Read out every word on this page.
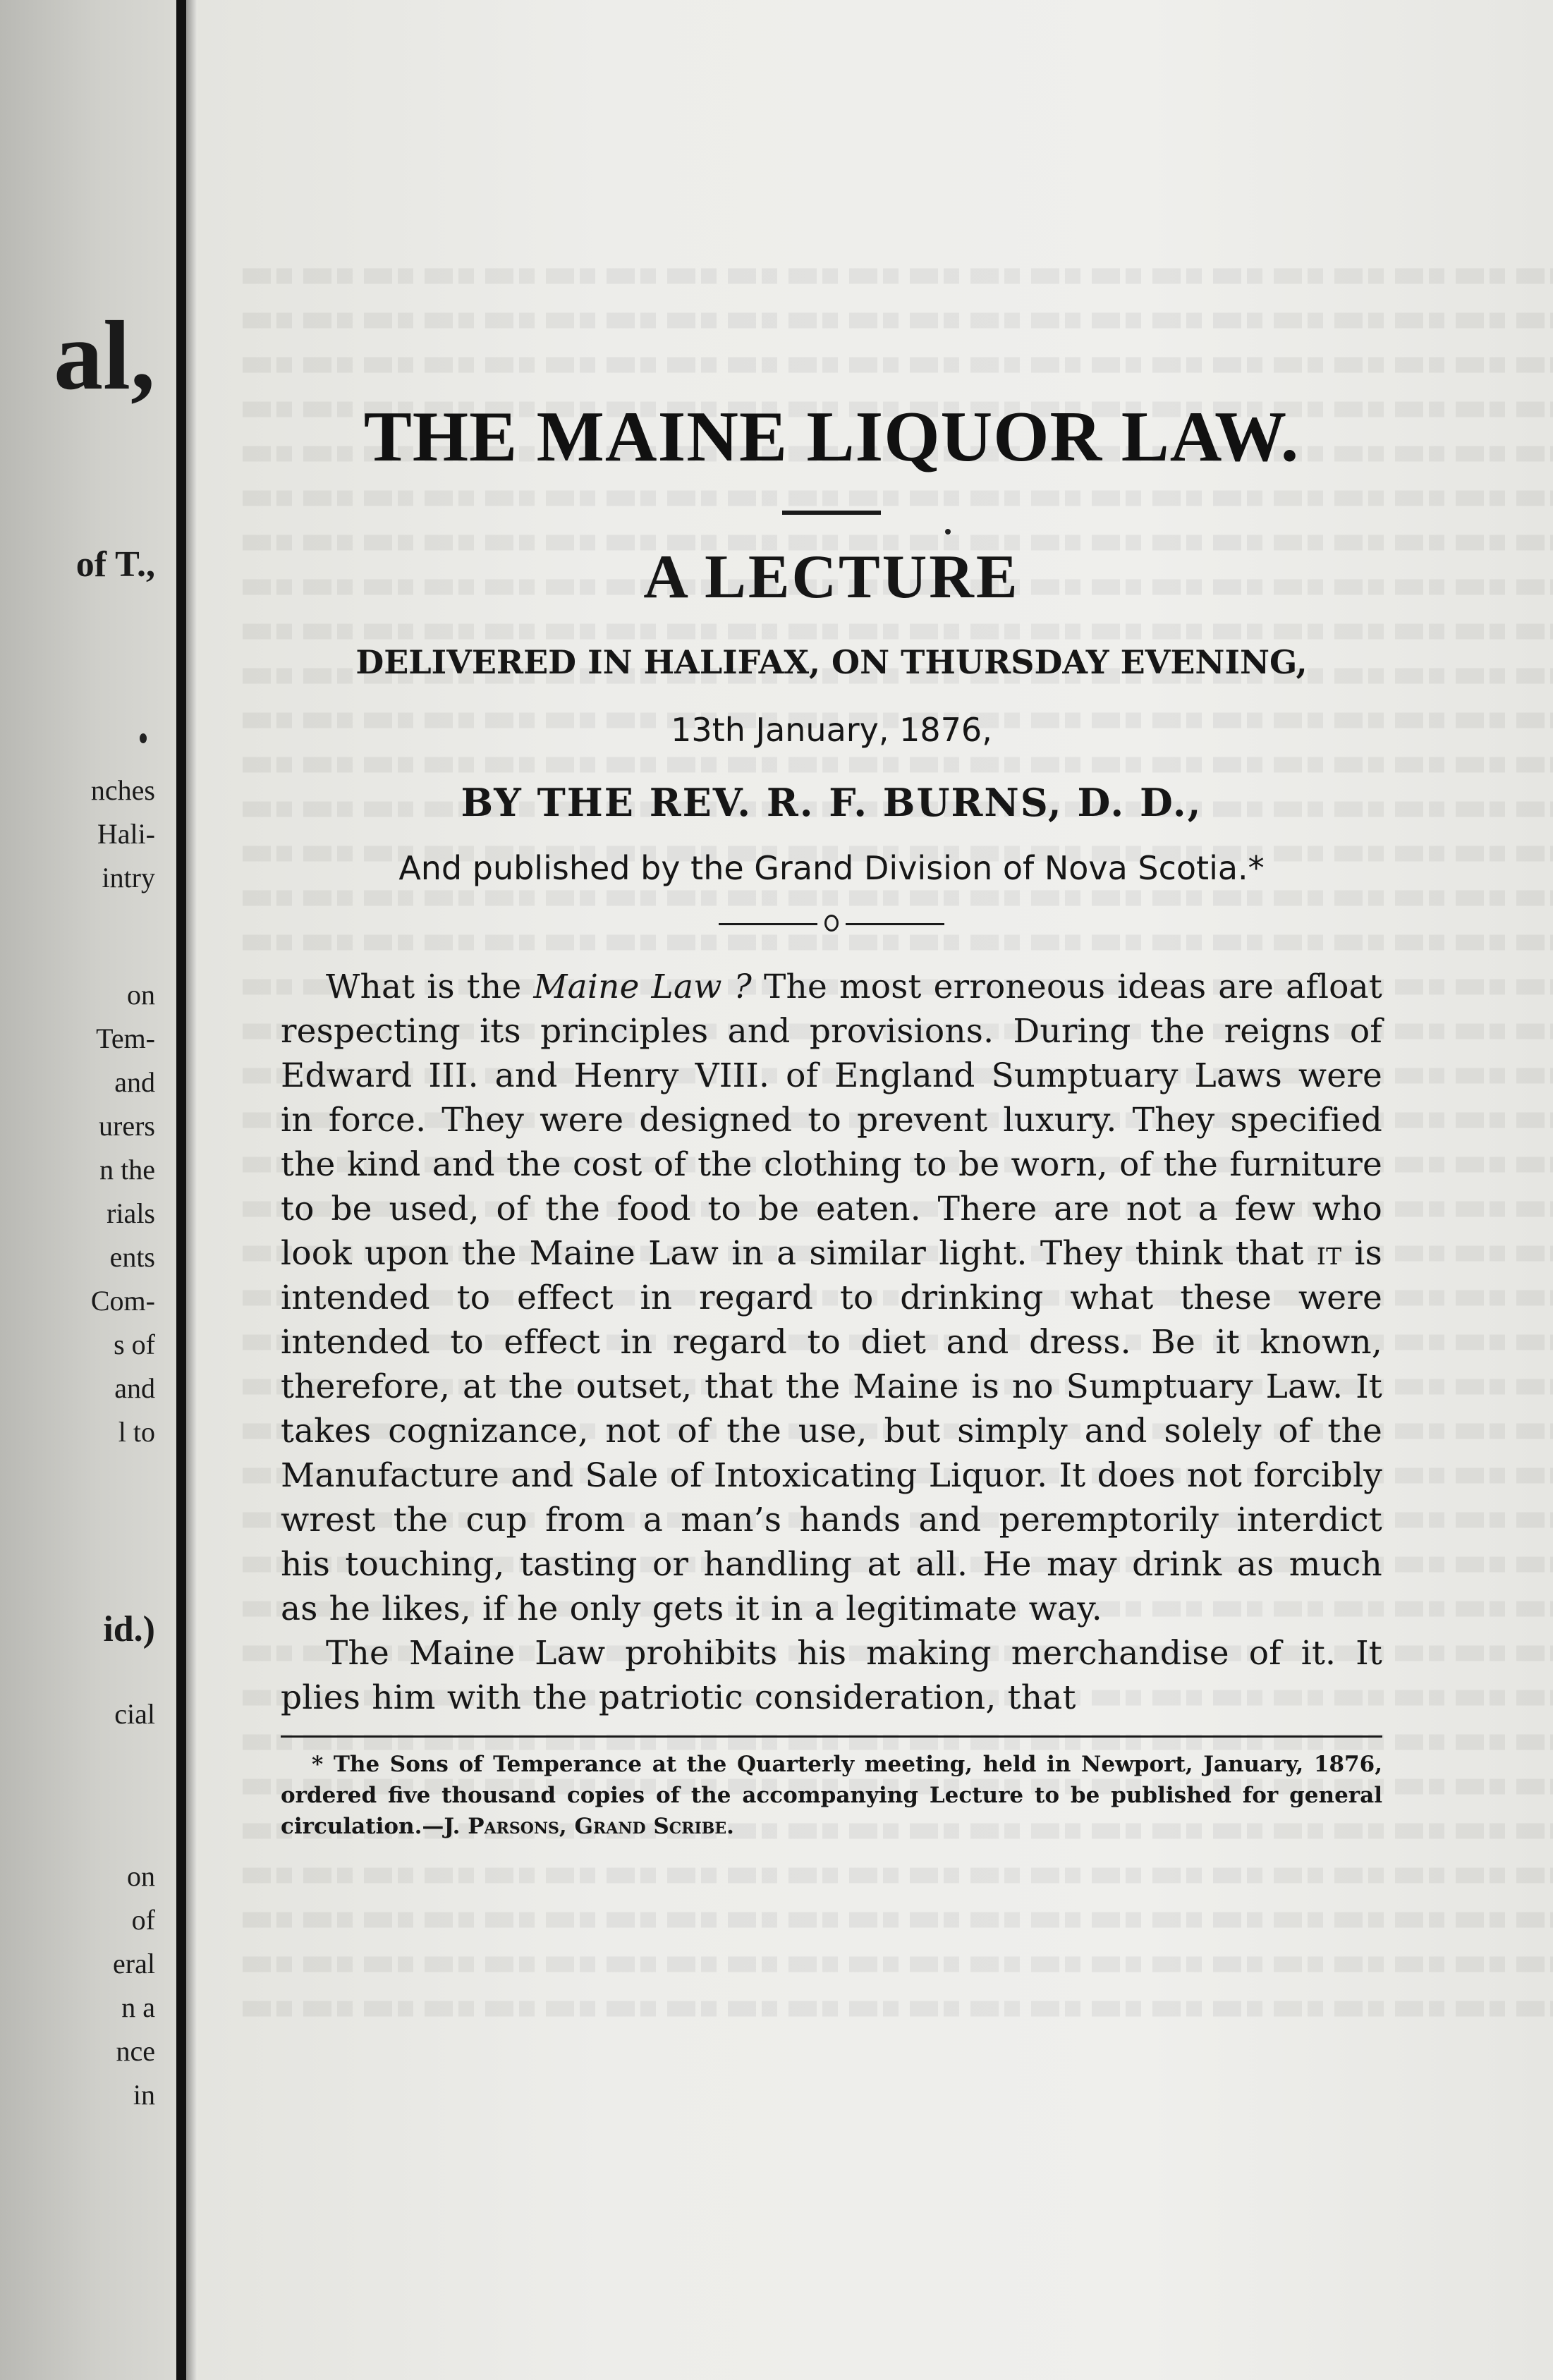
al,
of T.,
nches
Hali-
intry
on
Tem-
and
urers
n the
rials
ents
Com-
s of
and
l to
id.)
cial
on
of
eral
n a
nce
in
THE MAINE LIQUOR LAW.
A LECTURE

DELIVERED IN HALIFAX, ON THURSDAY EVENING,

13th January, 1876,

BY THE REV. R. F. BURNS, D. D.,

And published by the Grand Division of Nova Scotia.*

What is the Maine Law ? The most erroneous ideas are afloat respecting its principles and provisions. During the reigns of Edward III. and Henry VIII. of England Sumptuary Laws were in force. They were designed to prevent luxury. They specified the kind and the cost of the clothing to be worn, of the furniture to be used, of the food to be eaten. There are not a few who look upon the Maine Law in a similar light. They think that it is intended to effect in regard to drinking what these were intended to effect in regard to diet and dress. Be it known, therefore, at the outset, that the Maine is no Sumptuary Law. It takes cognizance, not of the use, but simply and solely of the Manufacture and Sale of Intoxicating Liquor. It does not forcibly wrest the cup from a man’s hands and peremptorily interdict his touching, tasting or handling at all. He may drink as much as he likes, if he only gets it in a legitimate way.

The Maine Law prohibits his making merchandise of it. It plies him with the patriotic consideration, that

* The Sons of Temperance at the Quarterly meeting, held in Newport, January, 1876, ordered five thousand copies of the accompanying Lecture to be published for general circulation.—J. Parsons, Grand Scribe.
